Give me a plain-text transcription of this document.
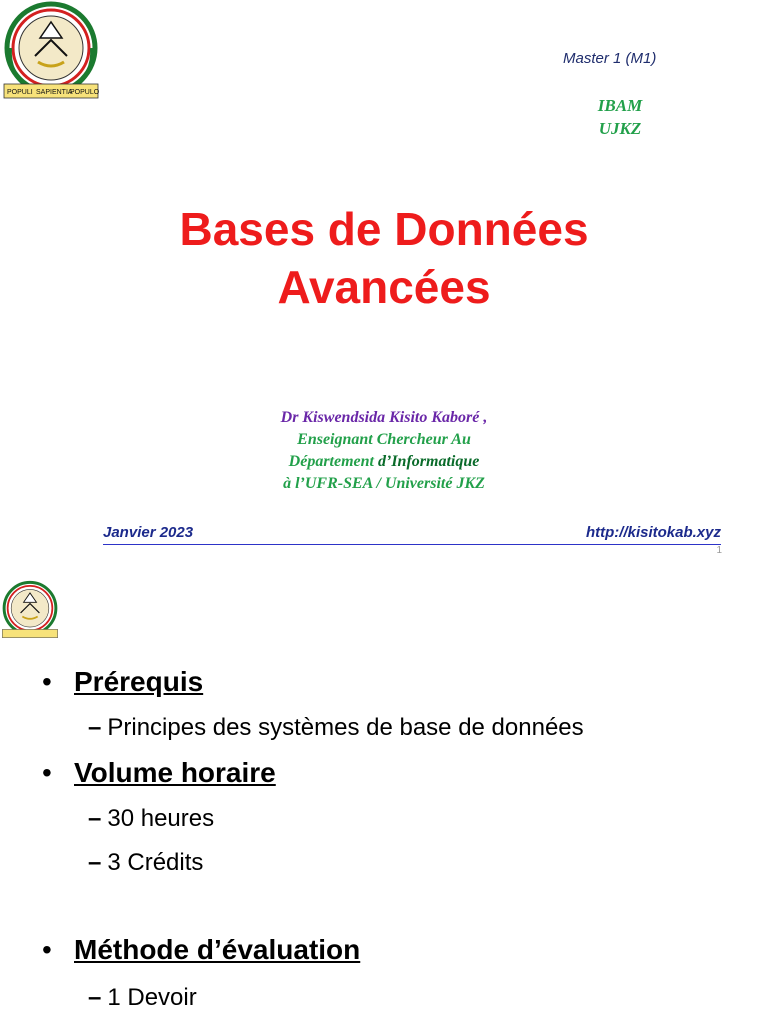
POPULI SAPIENTIA
POPULO
Master 1 (M1)
IBAM
UJKZ
Bases de Données
Avancées
Dr Kiswendsida Kisito Kaboré ,
Enseignant Chercheur Au
Département d’Informatique
à l’UFR-SEA / Université JKZ
Janvier 2023	http://kisitokab.xyz
1
• Prérequis
– Principes des systèmes de base de données
• Volume horaire
– 30 heures
– 3 Crédits
• Méthode d’évaluation
– 1 Devoir
